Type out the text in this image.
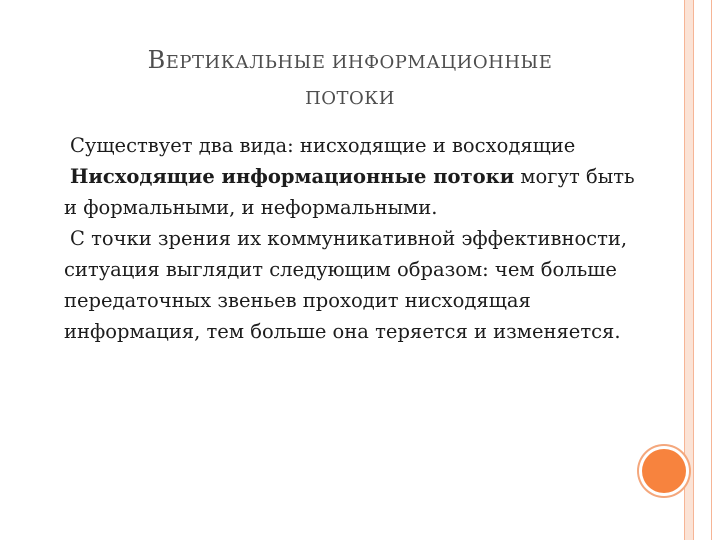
ВЕРТИКАЛЬНЫЕ ИНФОРМАЦИОННЫЕ
ПОТОКИ

Существует два вида: нисходящие и восходящие

Нисходящие информационные потоки могут быть и формальными, и неформальными.

С точки зрения их коммуникативной эффективности, ситуация выглядит следующим образом: чем больше передаточных звеньев проходит нисходящая информация, тем больше она теряется и изменяется.
